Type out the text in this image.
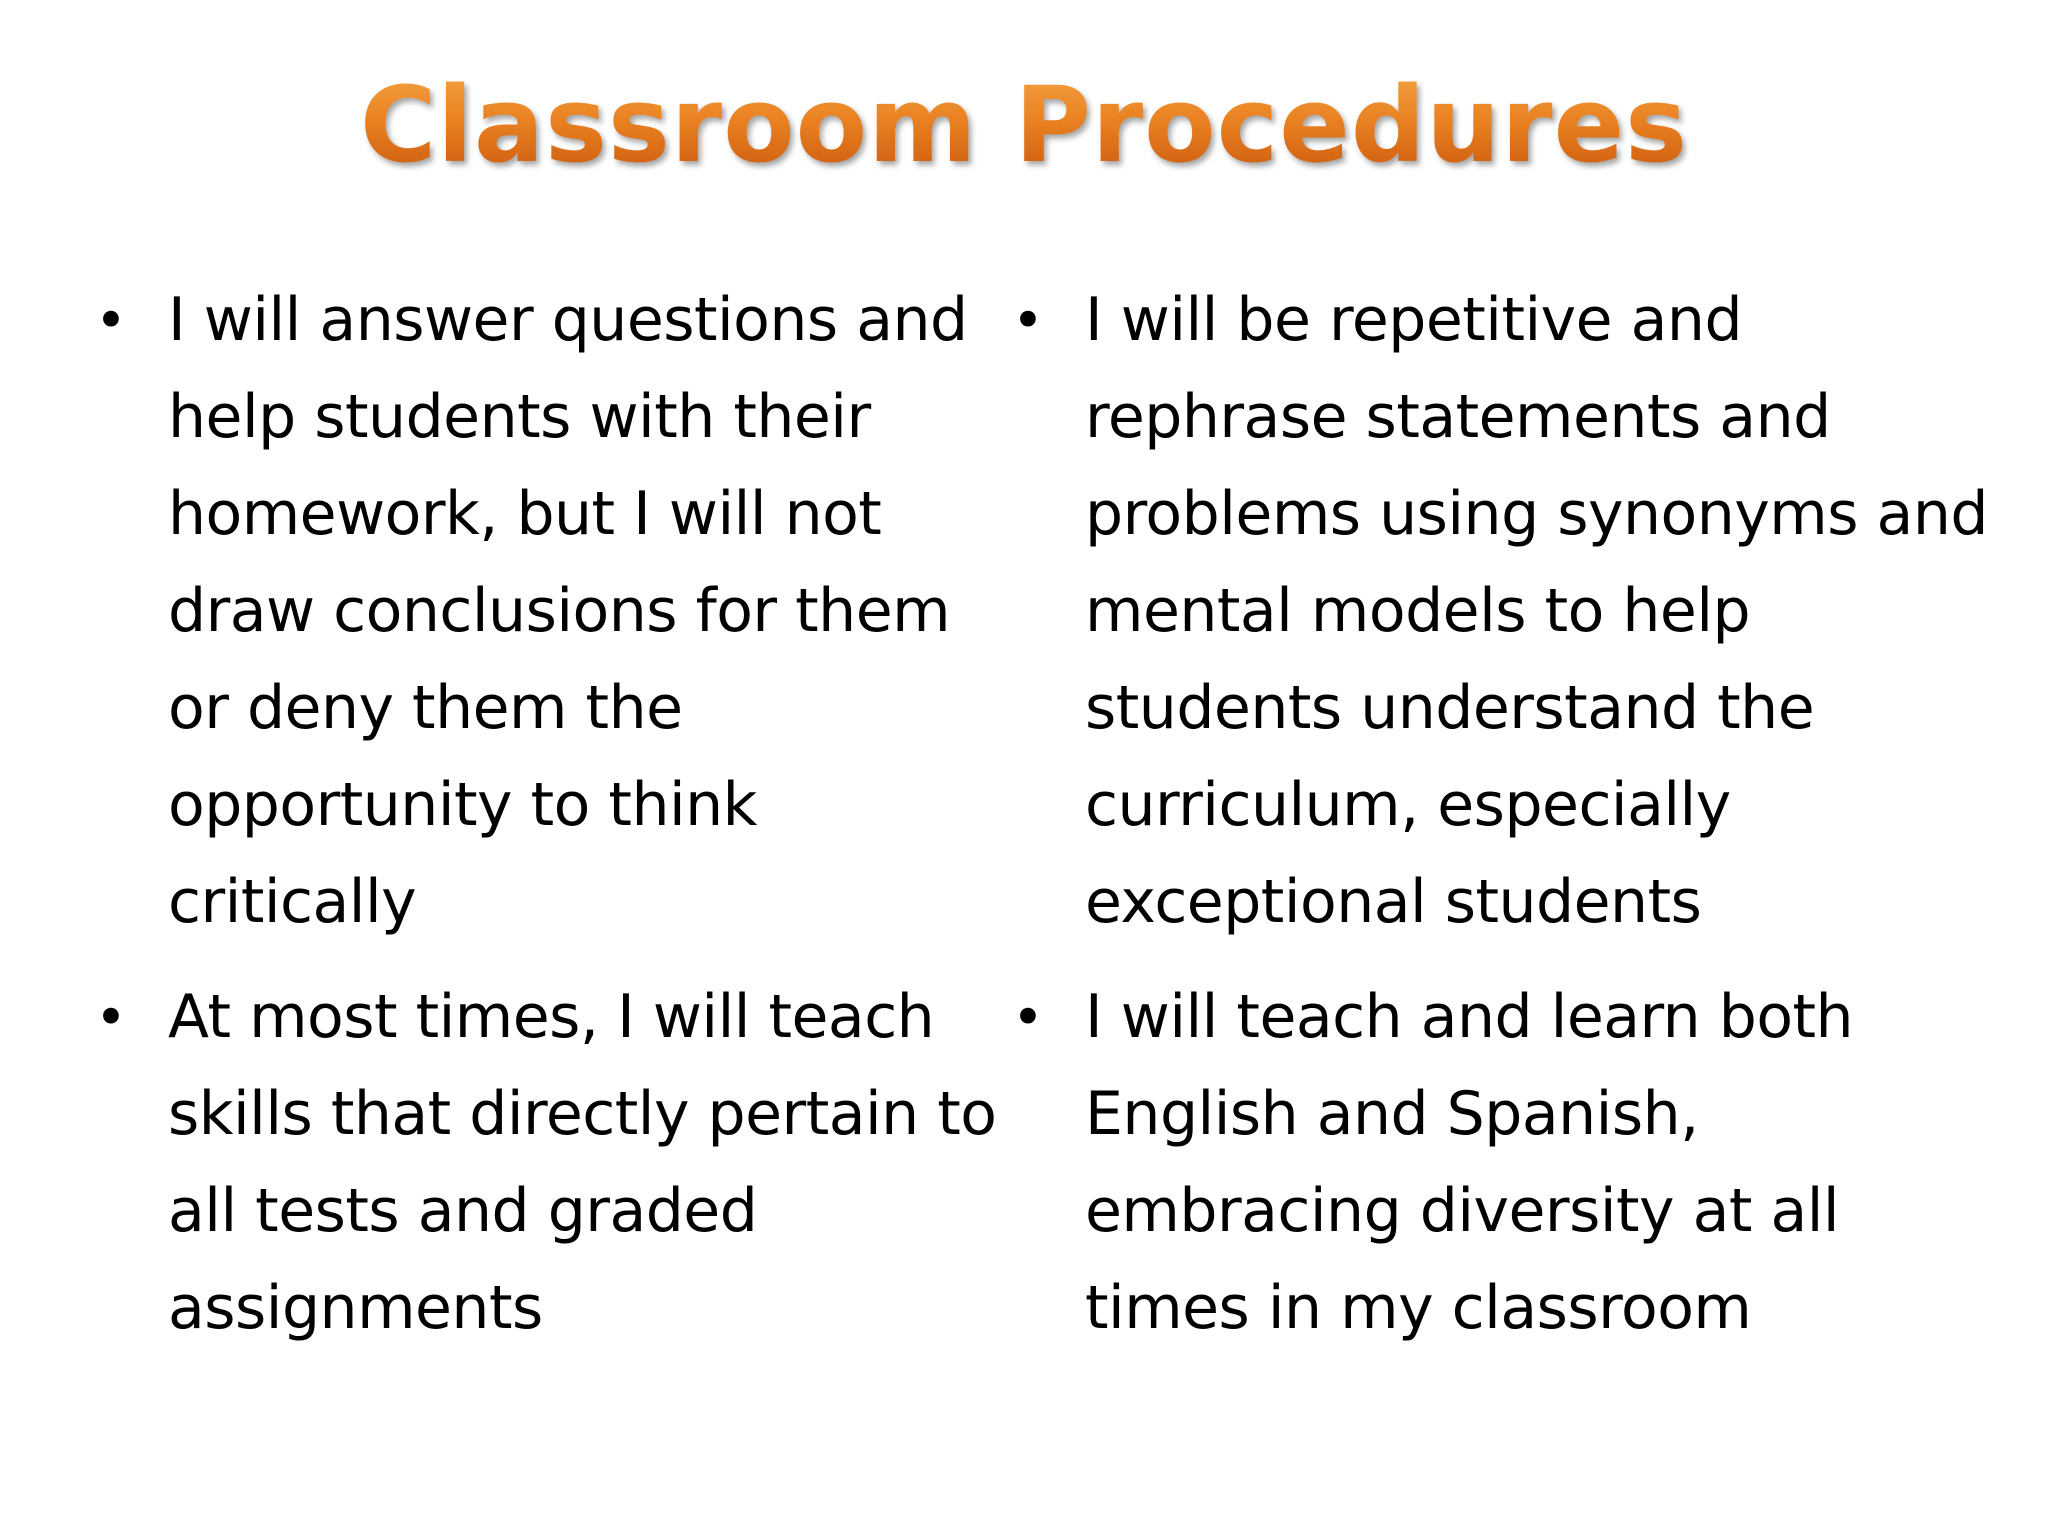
Classroom Procedures
• I will answer questions and help students with their homework, but I will not draw conclusions for them or deny them the opportunity to think critically
• At most times, I will teach skills that directly pertain to all tests and graded assignments
• I will be repetitive and rephrase statements and problems using synonyms and mental models to help students understand the curriculum, especially exceptional students
• I will teach and learn both English and Spanish, embracing diversity at all times in my classroom
